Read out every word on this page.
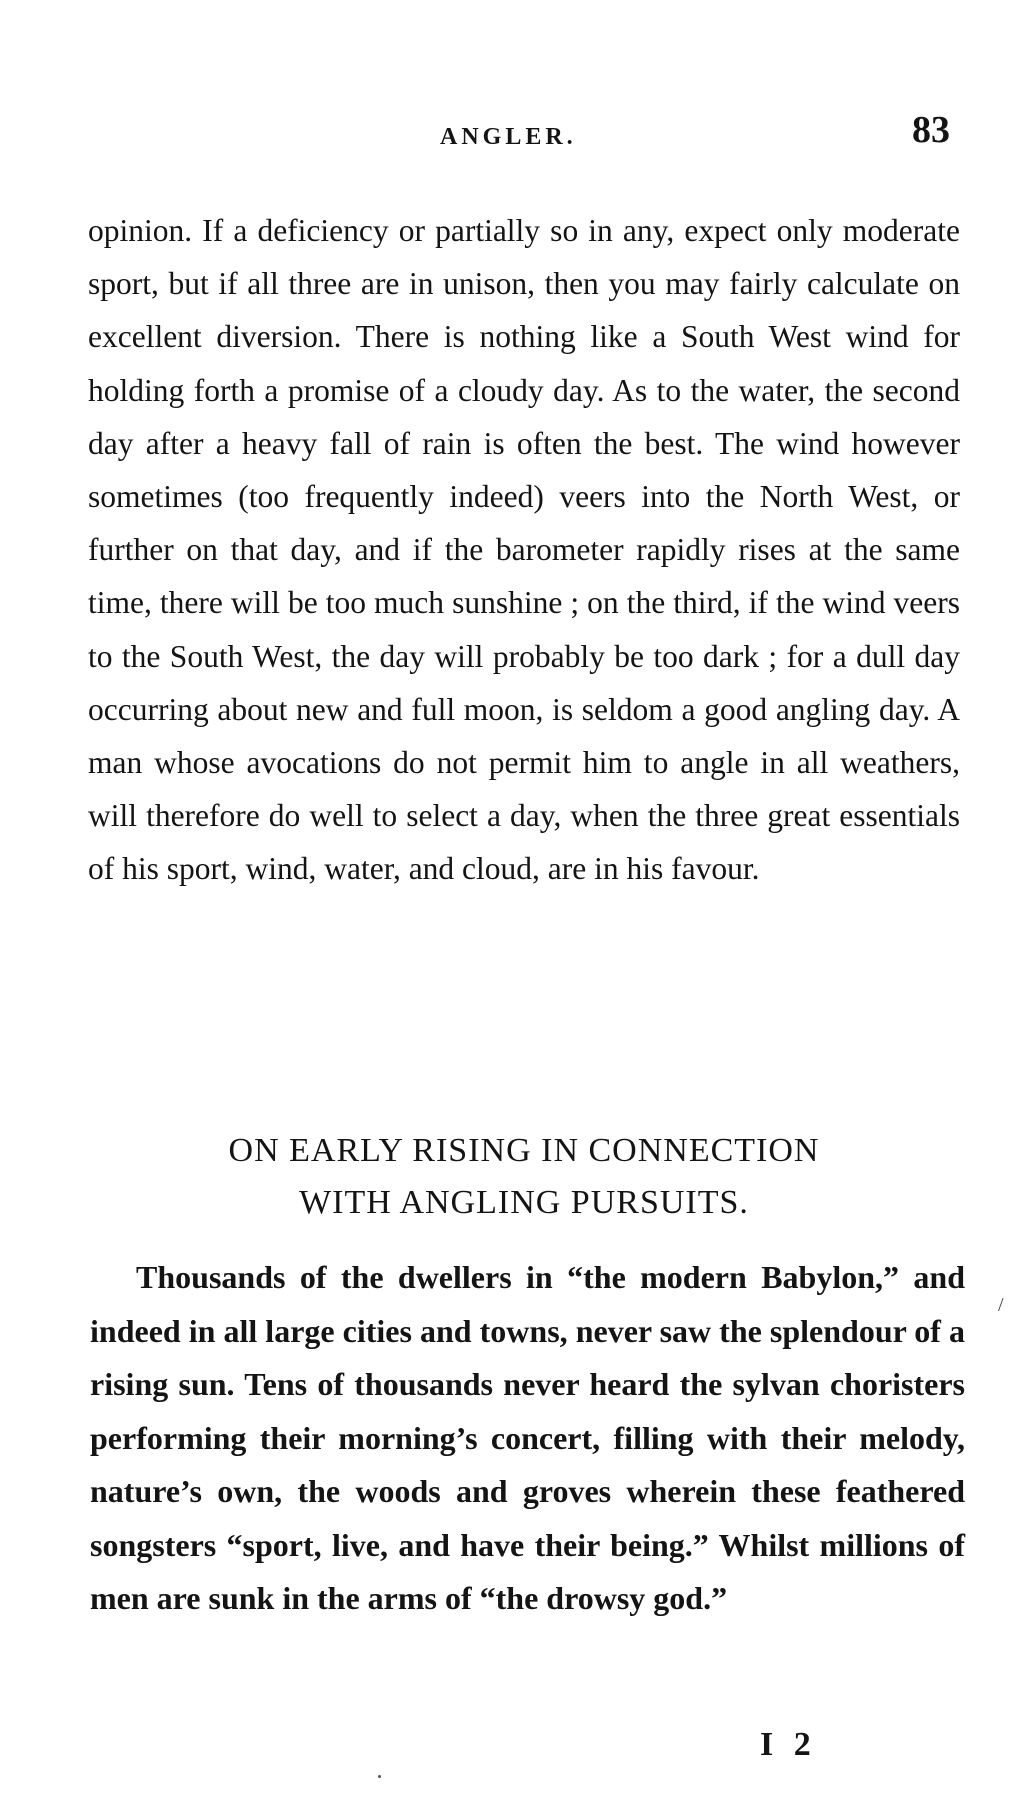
ANGLER.	83

opinion. If a deficiency or partially so in any, expect only moderate sport, but if all three are in unison, then you may fairly calculate on excellent diversion. There is nothing like a South West wind for holding forth a promise of a cloudy day. As to the water, the second day after a heavy fall of rain is often the best. The wind however sometimes (too frequently indeed) veers into the North West, or further on that day, and if the barometer rapidly rises at the same time, there will be too much sunshine ; on the third, if the wind veers to the South West, the day will probably be too dark ; for a dull day occurring about new and full moon, is seldom a good angling day. A man whose avocations do not permit him to angle in all weathers, will therefore do well to select a day, when the three great essentials of his sport, wind, water, and cloud, are in his favour.

ON EARLY RISING IN CONNECTION
WITH ANGLING PURSUITS.

Thousands of the dwellers in “the modern Babylon,” and indeed in all large cities and towns, never saw the splendour of a rising sun. Tens of thousands never heard the sylvan choristers performing their morning’s concert, filling with their melody, nature’s own, the woods and groves wherein these feathered songsters “sport, live, and have their being.” Whilst millions of men are sunk in the arms of “the drowsy god.”

I 2
/
